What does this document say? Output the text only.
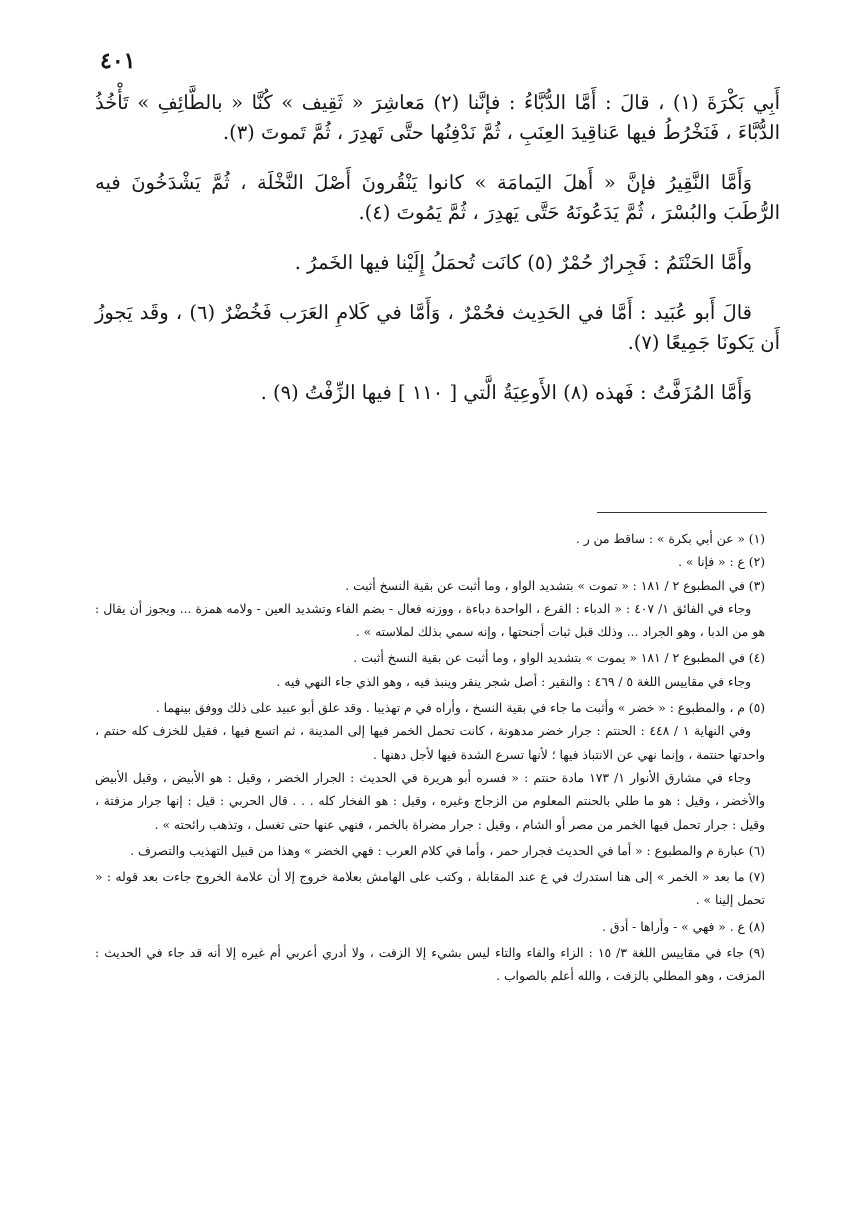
٤٠١

أَبِي بَكْرَةَ (١) ، قالَ : أَمَّا الدُّبَّاءُ : فإنَّنا (٢) مَعاشِرَ « ثَقِيف » كُنَّا « بالطَّائِفِ » تَأْخُذُ الدُّبَّاءَ ، فَنَخْرُطُ فيها عَناقِيدَ العِنَبِ ، ثُمَّ نَدْفِنُها حتَّى تَهدِرَ ، ثُمَّ تَموتَ (٣).

وَأَمَّا النَّقِيرُ فإنَّ « أَهلَ اليَمامَة » كانوا يَنْقُرونَ أَصْلَ النَّخْلَة ، ثُمَّ يَشْدَخُونَ فيه الرُّطَبَ والبُسْرَ ، ثُمَّ يَدَعُونَهُ حَتَّى يَهدِرَ ، ثُمَّ يَمُوتَ (٤).

وأَمَّا الحَنْتَمُ : فَجِرارٌ حُمْرٌ (٥) كانَت تُحمَلُ إِلَيْنا فيها الخَمرُ .

قالَ أَبو عُبَيد : أَمَّا في الحَدِيث فحُمْرٌ ، وَأَمَّا في كَلامِ العَرَب فَخُضْرٌ (٦) ، وقَد يَجوزُ أَن يَكونَا جَمِيعًا (٧).

وَأَمَّا المُزَفَّتُ : فَهذه (٨) الأَوعِيَةُ الَّتي [ ١١٠ ] فيها الزِّفْتُ (٩) .

(١) « عن أبي بكرة » : ساقط من ر .

(٢) ع : « فإنا » .

(٣) في المطبوع ٢ / ١٨١ : « تموت » بتشديد الواو ، وما أثبت عن بقية النسخ أثبت .

وجاء في الفائق ١/ ٤٠٧ : « الدباء : القرع ، الواحدة دباءة ، ووزنه فعال - بضم الفاء وتشديد العين - ولامه همزة ... ويجوز أن يقال : هو من الدبا ، وهو الجراد ... وذلك قبل ثبات أجنحتها ، وإنه سمي بذلك لملاسته » .

(٤) في المطبوع ٢ / ١٨١ « يموت » بتشديد الواو ، وما أثبت عن بقية النسخ أثبت .

وجاء في مقاييس اللغة ٥ / ٤٦٩ : والنقير : أصل شجر ينقر وينبذ فيه ، وهو الذي جاء النهي فيه .

(٥) م ، والمطبوع : « خضر » وأثبت ما جاء في بقية النسخ ، وأراه في م تهذيبا . وقد علق أبو عبيد على ذلك ووفق بينهما .

وفي النهاية ١ / ٤٤٨ : الحنتم : جرار خضر مدهونة ، كانت تحمل الخمر فيها إلى المدينة ، ثم اتسع فيها ، فقيل للخزف كله حنتم ، واحدتها حنتمة ، وإنما نهي عن الانتباذ فيها ؛ لأنها تسرع الشدة فيها لأجل دهنها .

وجاء في مشارق الأنوار ١/ ١٧٣ مادة حنتم : « فسره أبو هريرة في الحديث : الجرار الخضر ، وقيل : هو الأبيض ، وقيل الأبيض والأخضر ، وقيل : هو ما طلي بالحنتم المعلوم من الزجاج وغيره ، وقيل : هو الفخار كله . . . قال الحربي : قيل : إنها جرار مزفتة ، وقيل : جرار تحمل فيها الخمر من مصر أو الشام ، وقيل : جرار مضراة بالخمر ، فنهي عنها حتى تغسل ، وتذهب رائحته » .

(٦) عبارة م والمطبوع : « أما في الحديث فجرار حمر ، وأما في كلام العرب : فهي الخضر » وهذا من قبيل التهذيب والتصرف .

(٧) ما بعد « الخمر » إلى هنا استدرك في ع عند المقابلة ، وكتب على الهامش بعلامة خروج إلا أن علامة الخروج جاءت بعد قوله : « تحمل إلينا » .

(٨) ع . « فهي » - وأراها - أدق .

(٩) جاء في مقاييس اللغة ٣/ ١٥ : الزاء والفاء والتاء ليس بشيء إلا الزفت ، ولا أدري أعربي أم غيره إلا أنه قد جاء في الحديث : المزفت ، وهو المطلي بالزفت ، والله أعلم بالصواب .
